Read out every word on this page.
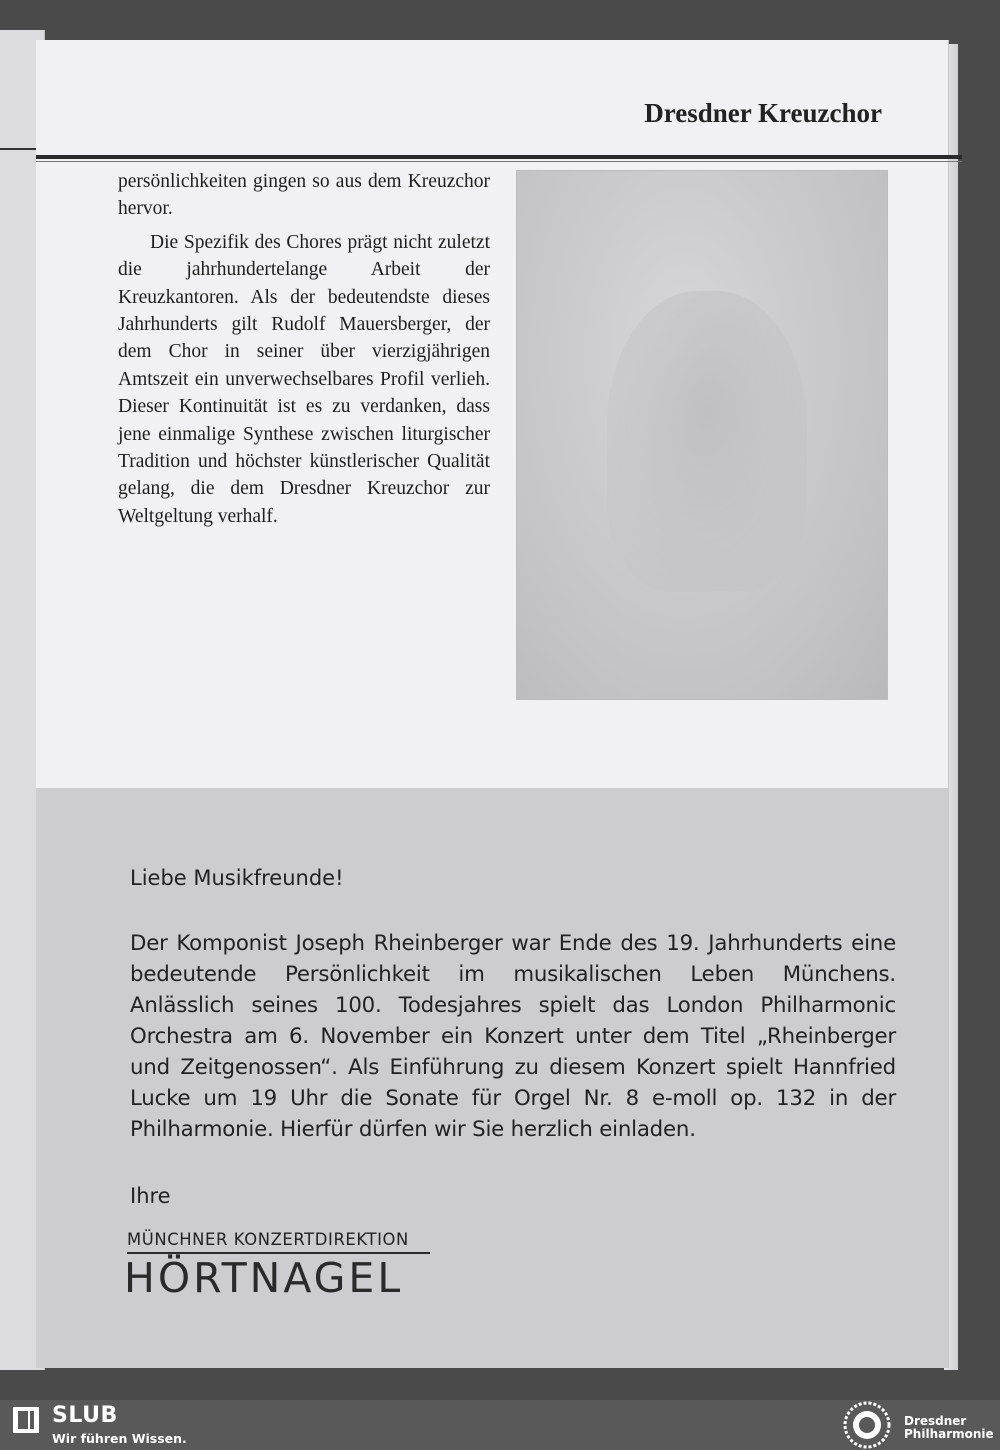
Dresdner Kreuzchor

persönlichkeiten gingen so aus dem Kreuzchor hervor.

Die Spezifik des Chores prägt nicht zuletzt die jahrhundertelange Arbeit der Kreuzkantoren. Als der bedeutendste dieses Jahrhunderts gilt Rudolf Mauersberger, der dem Chor in seiner über vierzigjährigen Amtszeit ein unverwechselbares Profil verlieh. Dieser Kontinuität ist es zu verdanken, dass jene einmalige Synthese zwischen liturgischer Tradition und höchster künstlerischer Qualität gelang, die dem Dresdner Kreuzchor zur Weltgeltung verhalf.

Liebe Musikfreunde!

Der Komponist Joseph Rheinberger war Ende des 19. Jahrhunderts eine bedeutende Persönlichkeit im musikalischen Leben Münchens. Anlässlich seines 100. Todesjahres spielt das London Philharmonic Orchestra am 6. November ein Konzert unter dem Titel „Rheinberger und Zeitgenossen“. Als Einführung zu diesem Konzert spielt Hannfried Lucke um 19 Uhr die Sonate für Orgel Nr. 8 e-moll op. 132 in der Philharmonie. Hierfür dürfen wir Sie herzlich einladen.

Ihre

MÜNCHNER KONZERTDIREKTION
HÖRTNAGEL
SLUB
Wir führen Wissen.
Dresdner
Philharmonie
